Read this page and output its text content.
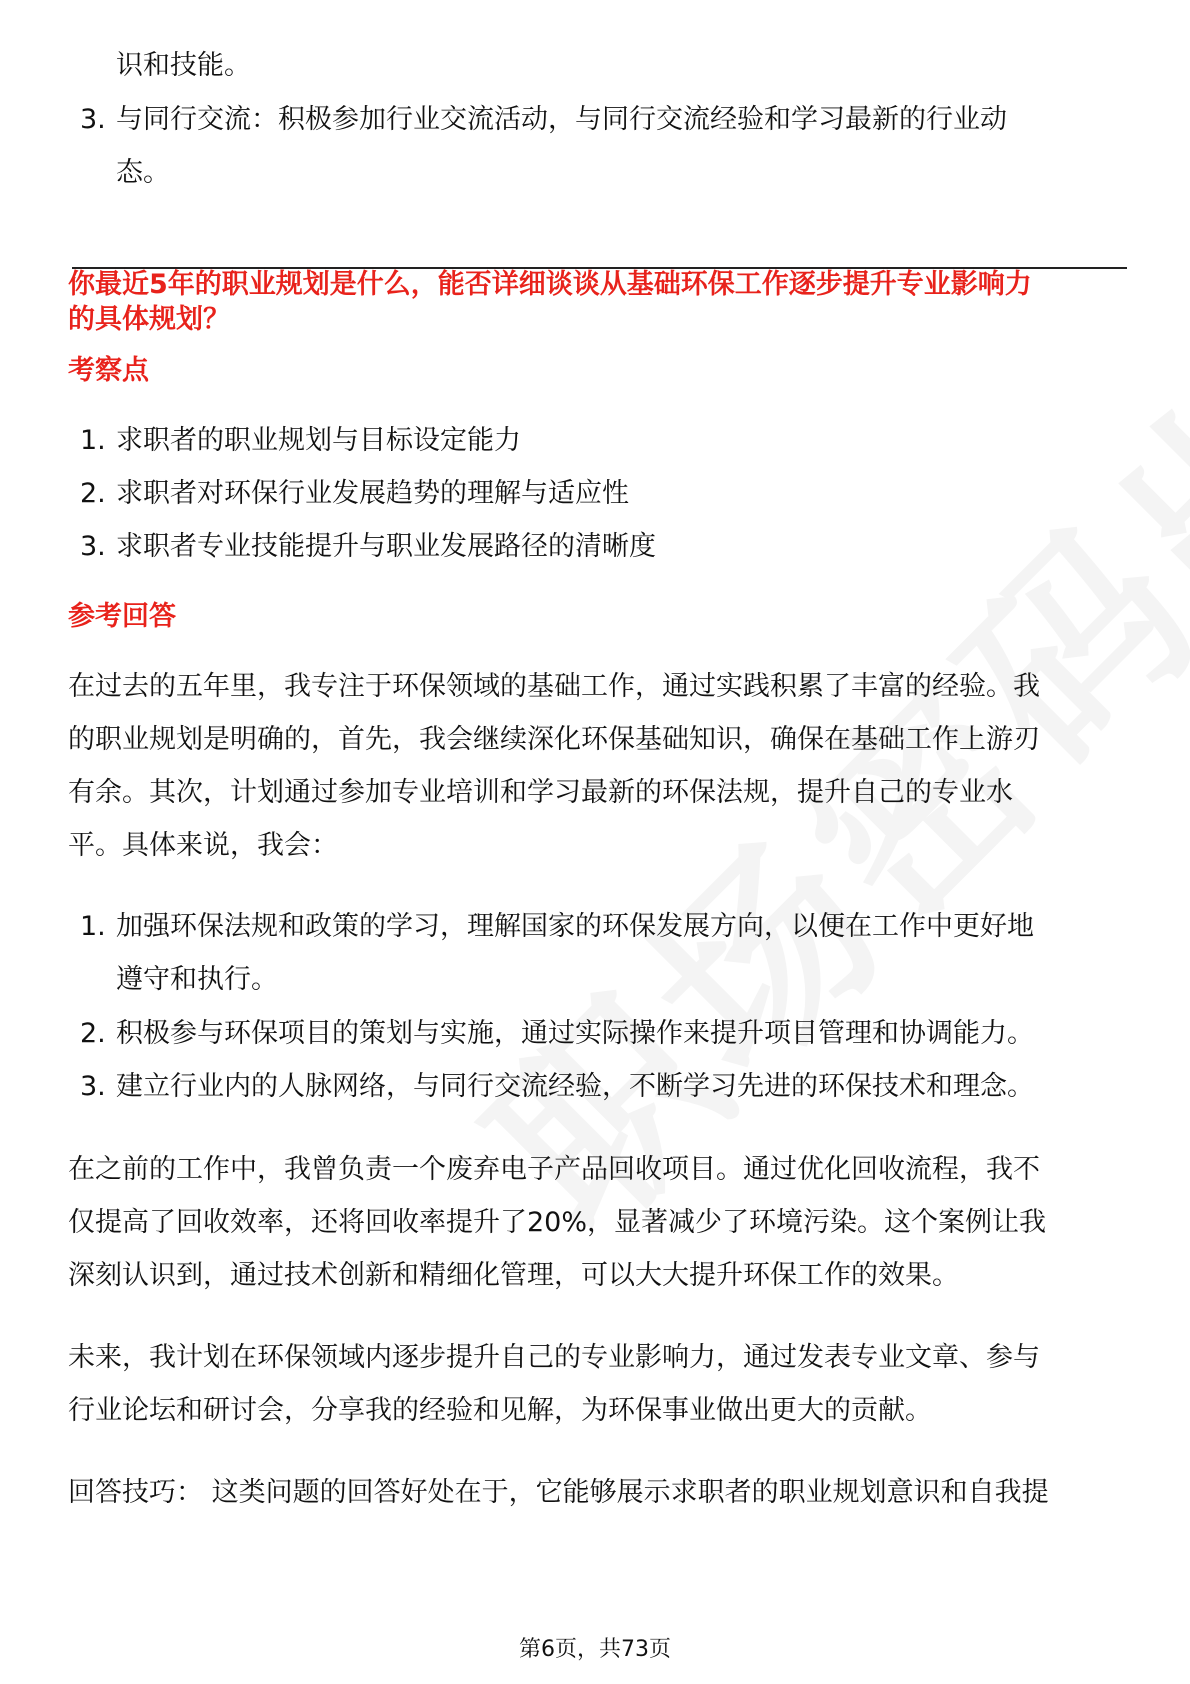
识和技能。
3. 与同行交流：积极参加行业交流活动，与同行交流经验和学习最新的行业动
态。
你最近5年的职业规划是什么，能否详细谈谈从基础环保工作逐步提升专业影响力
的具体规划？
考察点
1. 求职者的职业规划与目标设定能力
2. 求职者对环保行业发展趋势的理解与适应性
3. 求职者专业技能提升与职业发展路径的清晰度
参考回答
在过去的五年里，我专注于环保领域的基础工作，通过实践积累了丰富的经验。我
的职业规划是明确的，首先，我会继续深化环保基础知识，确保在基础工作上游刃
有余。其次，计划通过参加专业培训和学习最新的环保法规，提升自己的专业水
平。具体来说，我会：
1. 加强环保法规和政策的学习，理解国家的环保发展方向，以便在工作中更好地
遵守和执行。
2. 积极参与环保项目的策划与实施，通过实际操作来提升项目管理和协调能力。
3. 建立行业内的人脉网络，与同行交流经验，不断学习先进的环保技术和理念。
在之前的工作中，我曾负责一个废弃电子产品回收项目。通过优化回收流程，我不
仅提高了回收效率，还将回收率提升了20%，显著减少了环境污染。这个案例让我
深刻认识到，通过技术创新和精细化管理，可以大大提升环保工作的效果。
未来，我计划在环保领域内逐步提升自己的专业影响力，通过发表专业文章、参与
行业论坛和研讨会，分享我的经验和见解，为环保事业做出更大的贡献。
回答技巧： 这类问题的回答好处在于，它能够展示求职者的职业规划意识和自我提
第6页，共73页
